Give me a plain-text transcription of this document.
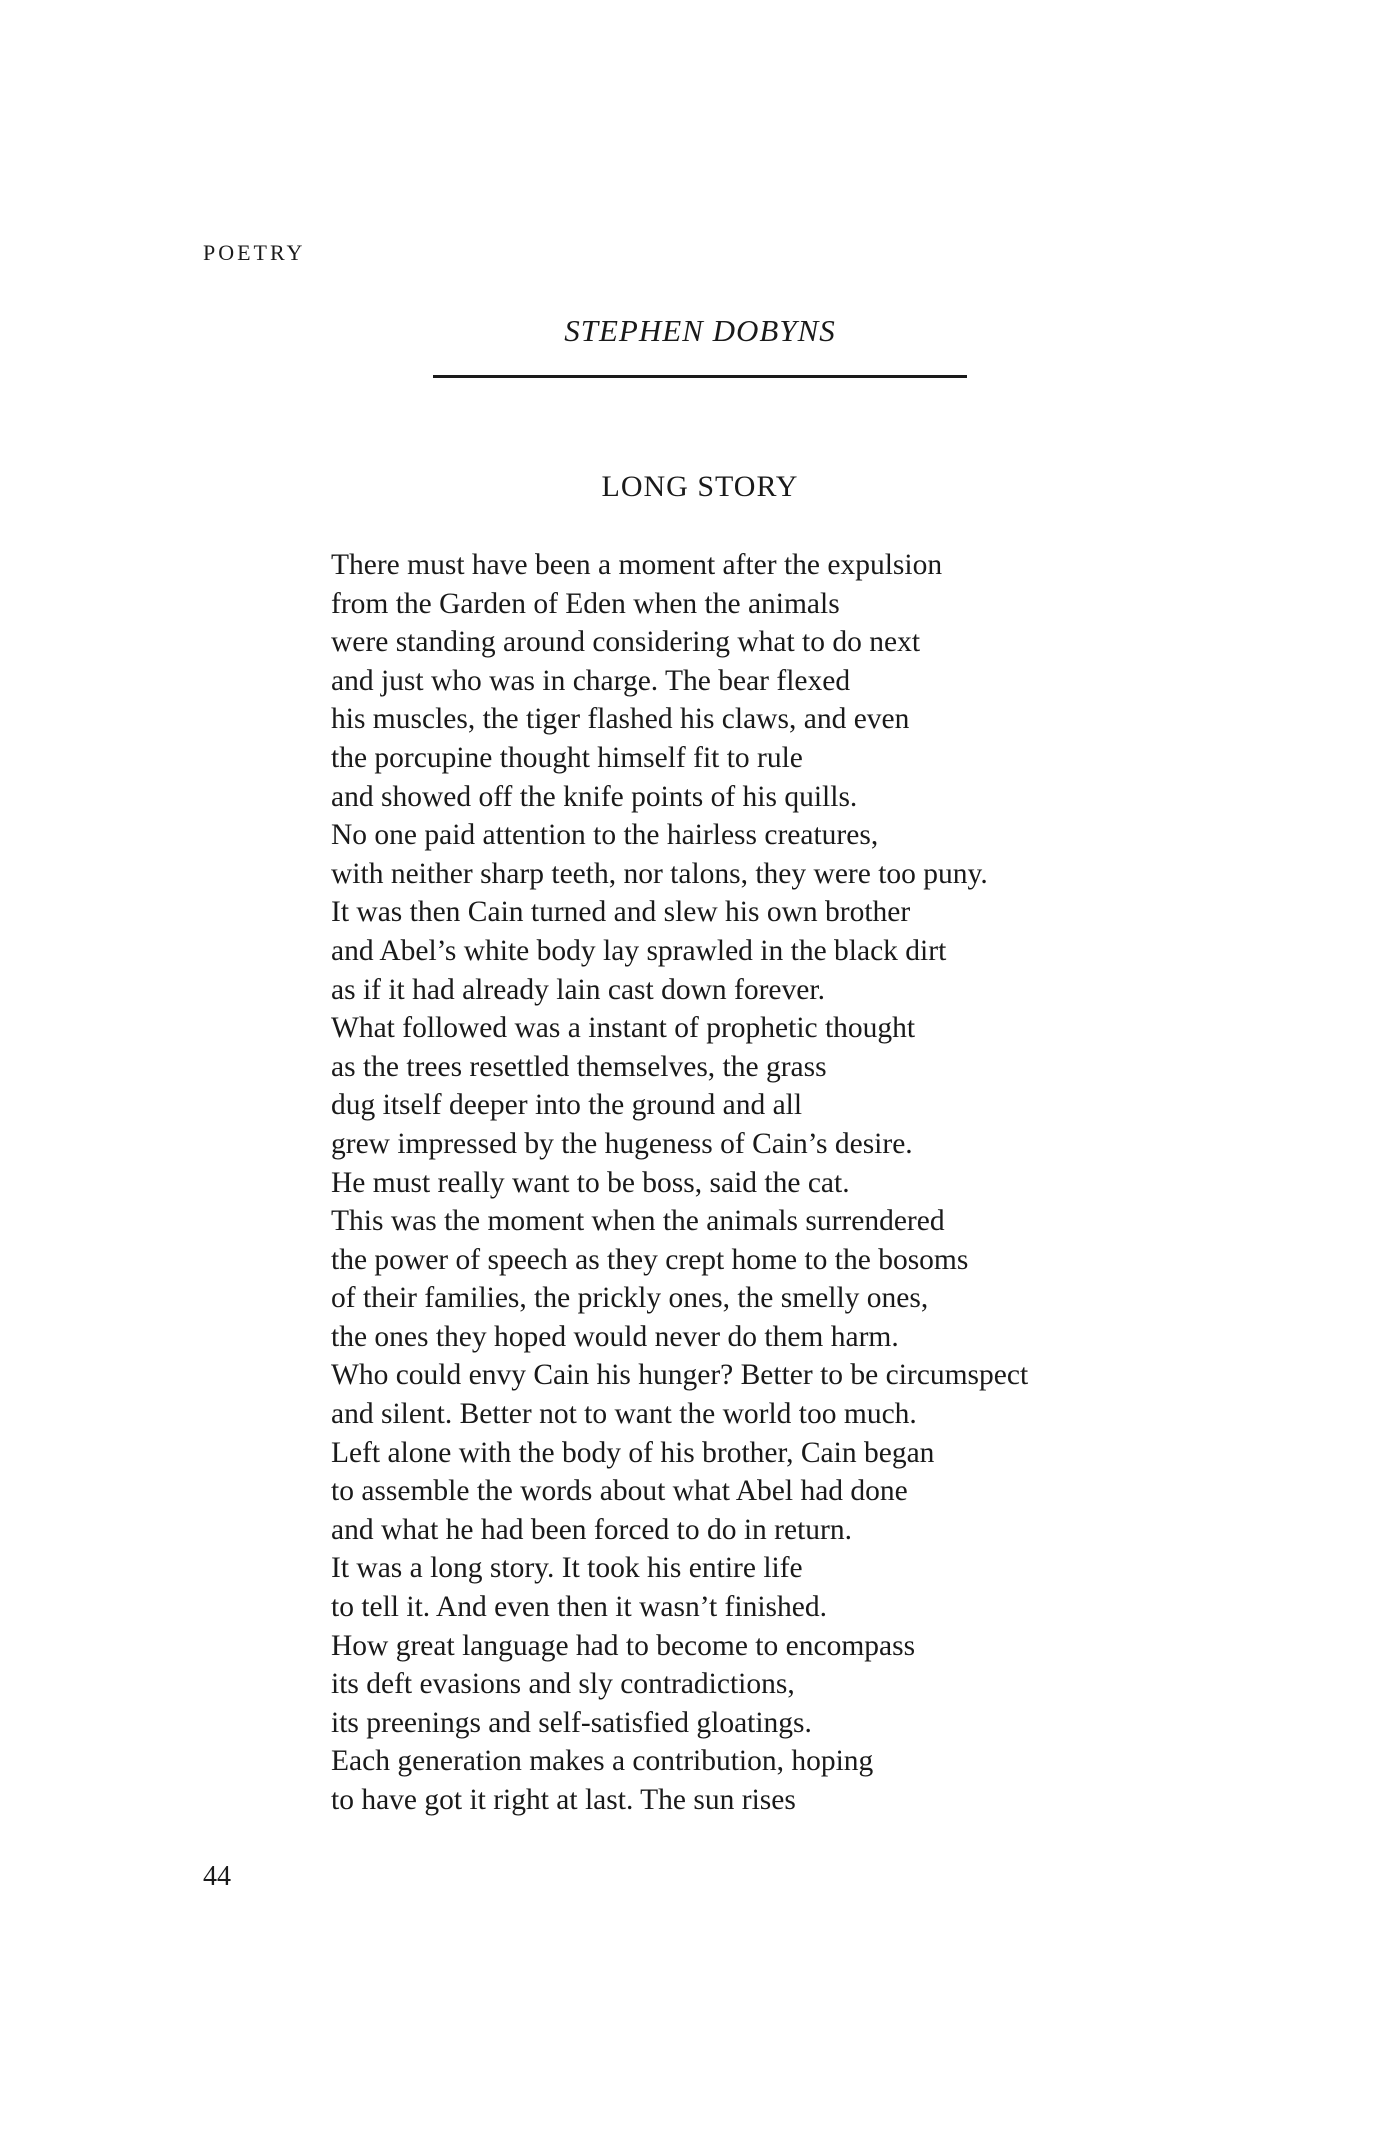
POETRY
STEPHEN DOBYNS
LONG STORY
There must have been a moment after the expulsion
from the Garden of Eden when the animals
were standing around considering what to do next
and just who was in charge. The bear flexed
his muscles, the tiger flashed his claws, and even
the porcupine thought himself fit to rule
and showed off the knife points of his quills.
No one paid attention to the hairless creatures,
with neither sharp teeth, nor talons, they were too puny.
It was then Cain turned and slew his own brother
and Abel’s white body lay sprawled in the black dirt
as if it had already lain cast down forever.
What followed was a instant of prophetic thought
as the trees resettled themselves, the grass
dug itself deeper into the ground and all
grew impressed by the hugeness of Cain’s desire.
He must really want to be boss, said the cat.
This was the moment when the animals surrendered
the power of speech as they crept home to the bosoms
of their families, the prickly ones, the smelly ones,
the ones they hoped would never do them harm.
Who could envy Cain his hunger? Better to be circumspect
and silent. Better not to want the world too much.
Left alone with the body of his brother, Cain began
to assemble the words about what Abel had done
and what he had been forced to do in return.
It was a long story. It took his entire life
to tell it. And even then it wasn’t finished.
How great language had to become to encompass
its deft evasions and sly contradictions,
its preenings and self-satisfied gloatings.
Each generation makes a contribution, hoping
to have got it right at last. The sun rises
44
